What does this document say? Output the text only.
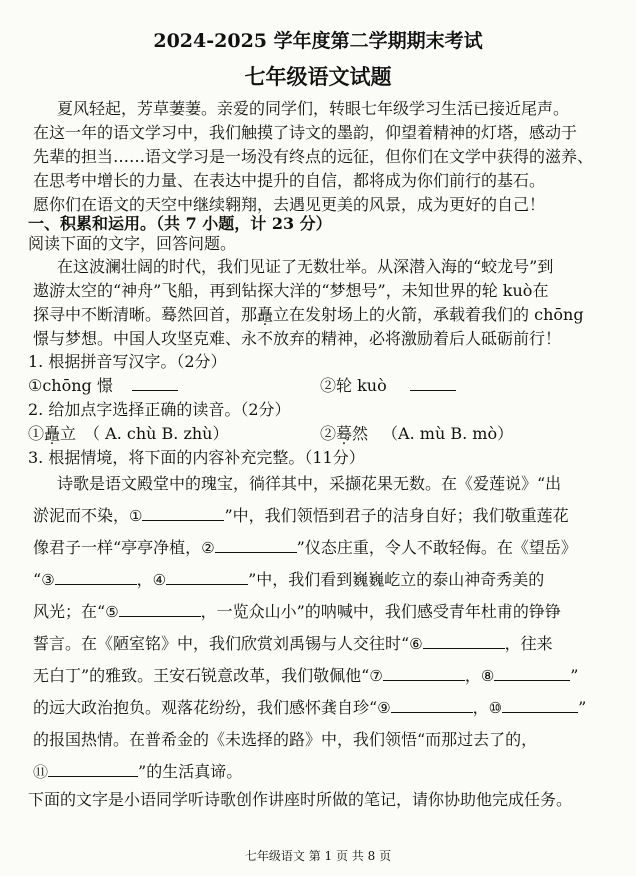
2024-2025 学年度第二学期期末考试
七年级语文试题
夏风轻起，芳草萋萋。亲爱的同学们，转眼七年级学习生活已接近尾声。
在这一年的语文学习中，我们触摸了诗文的墨韵，仰望着精神的灯塔，感动于
先辈的担当……语文学习是一场没有终点的远征，但你们在文学中获得的滋养、
在思考中增长的力量、在表达中提升的自信，都将成为你们前行的基石。
愿你们在语文的天空中继续翱翔，去遇见更美的风景，成为更好的自己！
一、积累和运用。（共 7 小题，计 23 分）
阅读下面的文字，回答问题。
在这波澜壮阔的时代，我们见证了无数壮举。从深潜入海的“蛟龙号”到
遨游太空的“神舟”飞船，再到钻探大洋的“梦想号”，未知世界的轮 kuò在
探寻中不断清晰。蓦然回首，那矗立在发射场上的火箭，承载着我们的 chōng
憬与梦想。中国人攻坚克难、永不放弃的精神，必将激励着后人砥砺前行！
1. 根据拼音写汉字。（2分）
①chōng 憬	②轮 kuò
2. 给加点字选择正确的读音。（2分）
①矗立 （ A. chù B. zhù）	②蓦然 （A. mù B. mò）
3. 根据情境，将下面的内容补充完整。（11分）
诗歌是语文殿堂中的瑰宝，徜徉其中，采撷花果无数。在《爱莲说》“出
淤泥而不染，①	”中，我们领悟到君子的洁身自好；我们敬重莲花
像君子一样“亭亭净植，②	”仪态庄重，令人不敢轻侮。在《望岳》
“③	，④	”中，我们看到巍巍屹立的泰山神奇秀美的
风光；在“⑤	，一览众山小”的呐喊中，我们感受青年杜甫的铮铮
誓言。在《陋室铭》中，我们欣赏刘禹锡与人交往时“⑥	，往来
无白丁”的雅致。王安石锐意改革，我们敬佩他“⑦	，⑧	”
的远大政治抱负。观落花纷纷，我们感怀龚自珍“⑨	，⑩	”
的报国热情。在普希金的《未选择的路》中，我们领悟“而那过去了的，
⑪	”的生活真谛。
下面的文字是小语同学听诗歌创作讲座时所做的笔记，请你协助他完成任务。
七年级语文 第 1 页 共 8 页
